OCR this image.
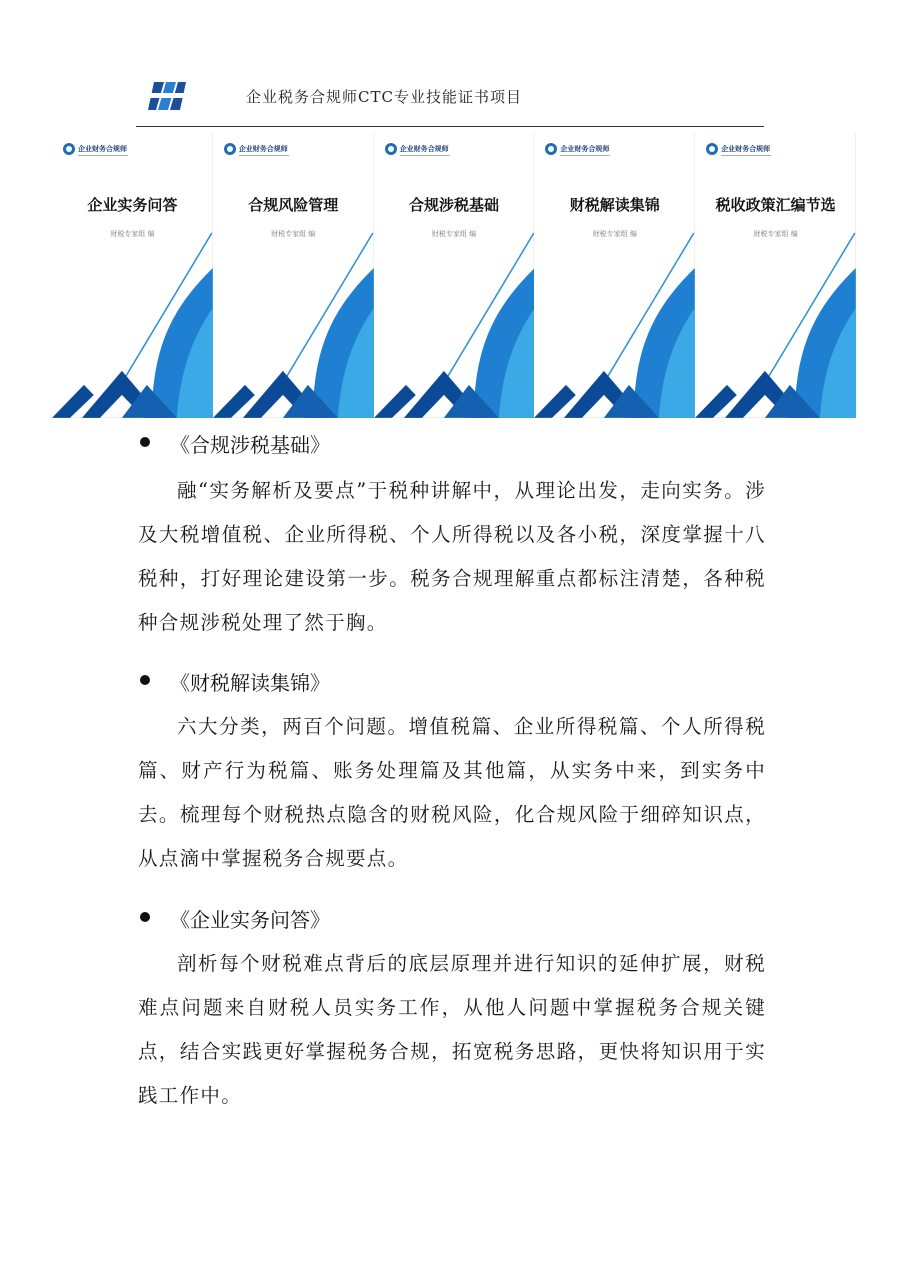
企业税务合规师CTC专业技能证书项目
企业财务合规师
企业实务问答
财税专家组 编
企业财务合规师
合规风险管理
财税专家组 编
企业财务合规师
合规涉税基础
财税专家组 编
企业财务合规师
财税解读集锦
财税专家组 编
企业财务合规师
税收政策汇编节选
财税专家组 编
《合规涉税基础》
融“实务解析及要点”于税种讲解中，从理论出发，走向实务。涉及大税增值税、企业所得税、个人所得税以及各小税，深度掌握十八税种，打好理论建设第一步。税务合规理解重点都标注清楚，各种税种合规涉税处理了然于胸。
《财税解读集锦》
六大分类，两百个问题。增值税篇、企业所得税篇、个人所得税篇、财产行为税篇、账务处理篇及其他篇，从实务中来，到实务中去。梳理每个财税热点隐含的财税风险，化合规风险于细碎知识点，从点滴中掌握税务合规要点。
《企业实务问答》
剖析每个财税难点背后的底层原理并进行知识的延伸扩展，财税难点问题来自财税人员实务工作，从他人问题中掌握税务合规关键点，结合实践更好掌握税务合规，拓宽税务思路，更快将知识用于实践工作中。
